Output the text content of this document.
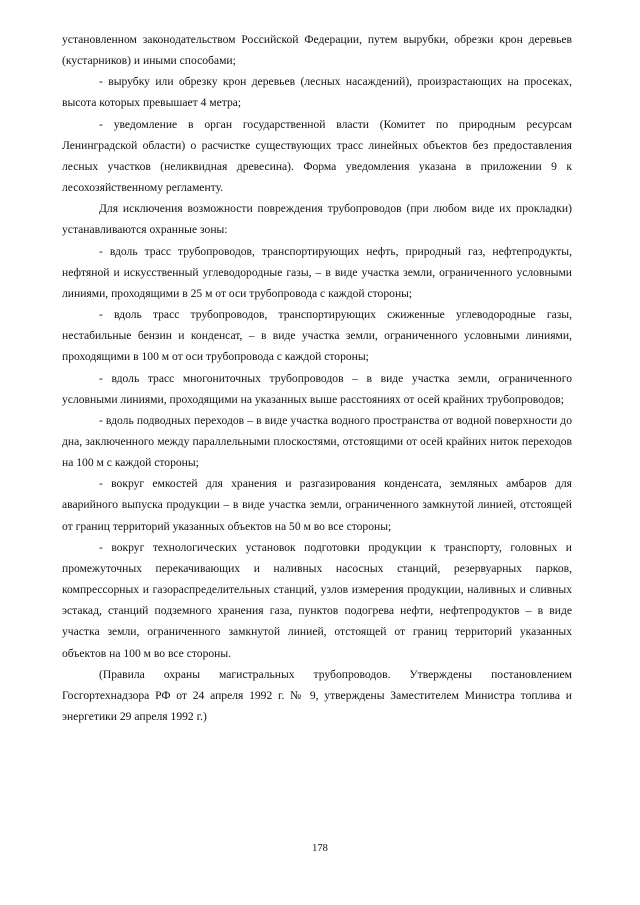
установленном законодательством Российской Федерации, путем вырубки, обрезки крон деревьев (кустарников) и иными способами;

- вырубку или обрезку крон деревьев (лесных насаждений), произрастающих на просеках, высота которых превышает 4 метра;

- уведомление в орган государственной власти (Комитет по природным ресурсам Ленинградской области) о расчистке существующих трасс линейных объектов без предоставления лесных участков (неликвидная древесина). Форма уведомления указана в приложении 9 к лесохозяйственному регламенту.

Для исключения возможности повреждения трубопроводов (при любом виде их прокладки) устанавливаются охранные зоны:

- вдоль трасс трубопроводов, транспортирующих нефть, природный газ, нефтепродукты, нефтяной и искусственный углеводородные газы, – в виде участка земли, ограниченного условными линиями, проходящими в 25 м от оси трубопровода с каждой стороны;

- вдоль трасс трубопроводов, транспортирующих сжиженные углеводородные газы, нестабильные бензин и конденсат, – в виде участка земли, ограниченного условными линиями, проходящими в 100 м от оси трубопровода с каждой стороны;

- вдоль трасс многониточных трубопроводов – в виде участка земли, ограниченного условными линиями, проходящими на указанных выше расстояниях от осей крайних трубопроводов;

- вдоль подводных переходов – в виде участка водного пространства от водной поверхности до дна, заключенного между параллельными плоскостями, отстоящими от осей крайних ниток переходов на 100 м с каждой стороны;

- вокруг емкостей для хранения и разгазирования конденсата, земляных амбаров для аварийного выпуска продукции – в виде участка земли, ограниченного замкнутой линией, отстоящей от границ территорий указанных объектов на 50 м во все стороны;

- вокруг технологических установок подготовки продукции к транспорту, головных и промежуточных перекачивающих и наливных насосных станций, резервуарных парков, компрессорных и газораспределительных станций, узлов измерения продукции, наливных и сливных эстакад, станций подземного хранения газа, пунктов подогрева нефти, нефтепродуктов – в виде участка земли, ограниченного замкнутой линией, отстоящей от границ территорий указанных объектов на 100 м во все стороны.

(Правила охраны магистральных трубопроводов. Утверждены постановлением Госгортехнадзора РФ от 24 апреля 1992 г. № 9, утверждены Заместителем Министра топлива и энергетики 29 апреля 1992 г.)

178
